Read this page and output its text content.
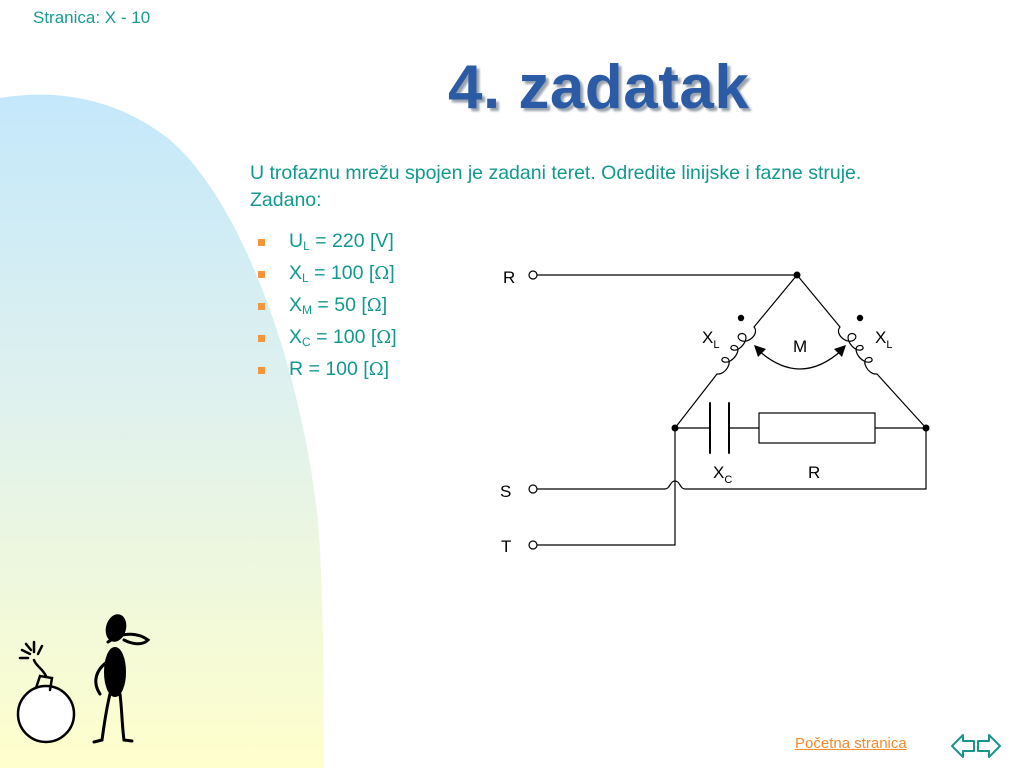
Stranica: X - 10
4. zadatak
U trofaznu mrežu spojen je zadani teret. Odredite linijske i fazne struje.
Zadano:
$U_L = 220$ [V]
$X_L = 100$ [Ω]
$X_M = 50$ [Ω]
$X_C = 100$ [Ω]
R = 100 [Ω]
R
S
T
$X_L$	$X_L$
M
$X_C$	R
Početna stranica
